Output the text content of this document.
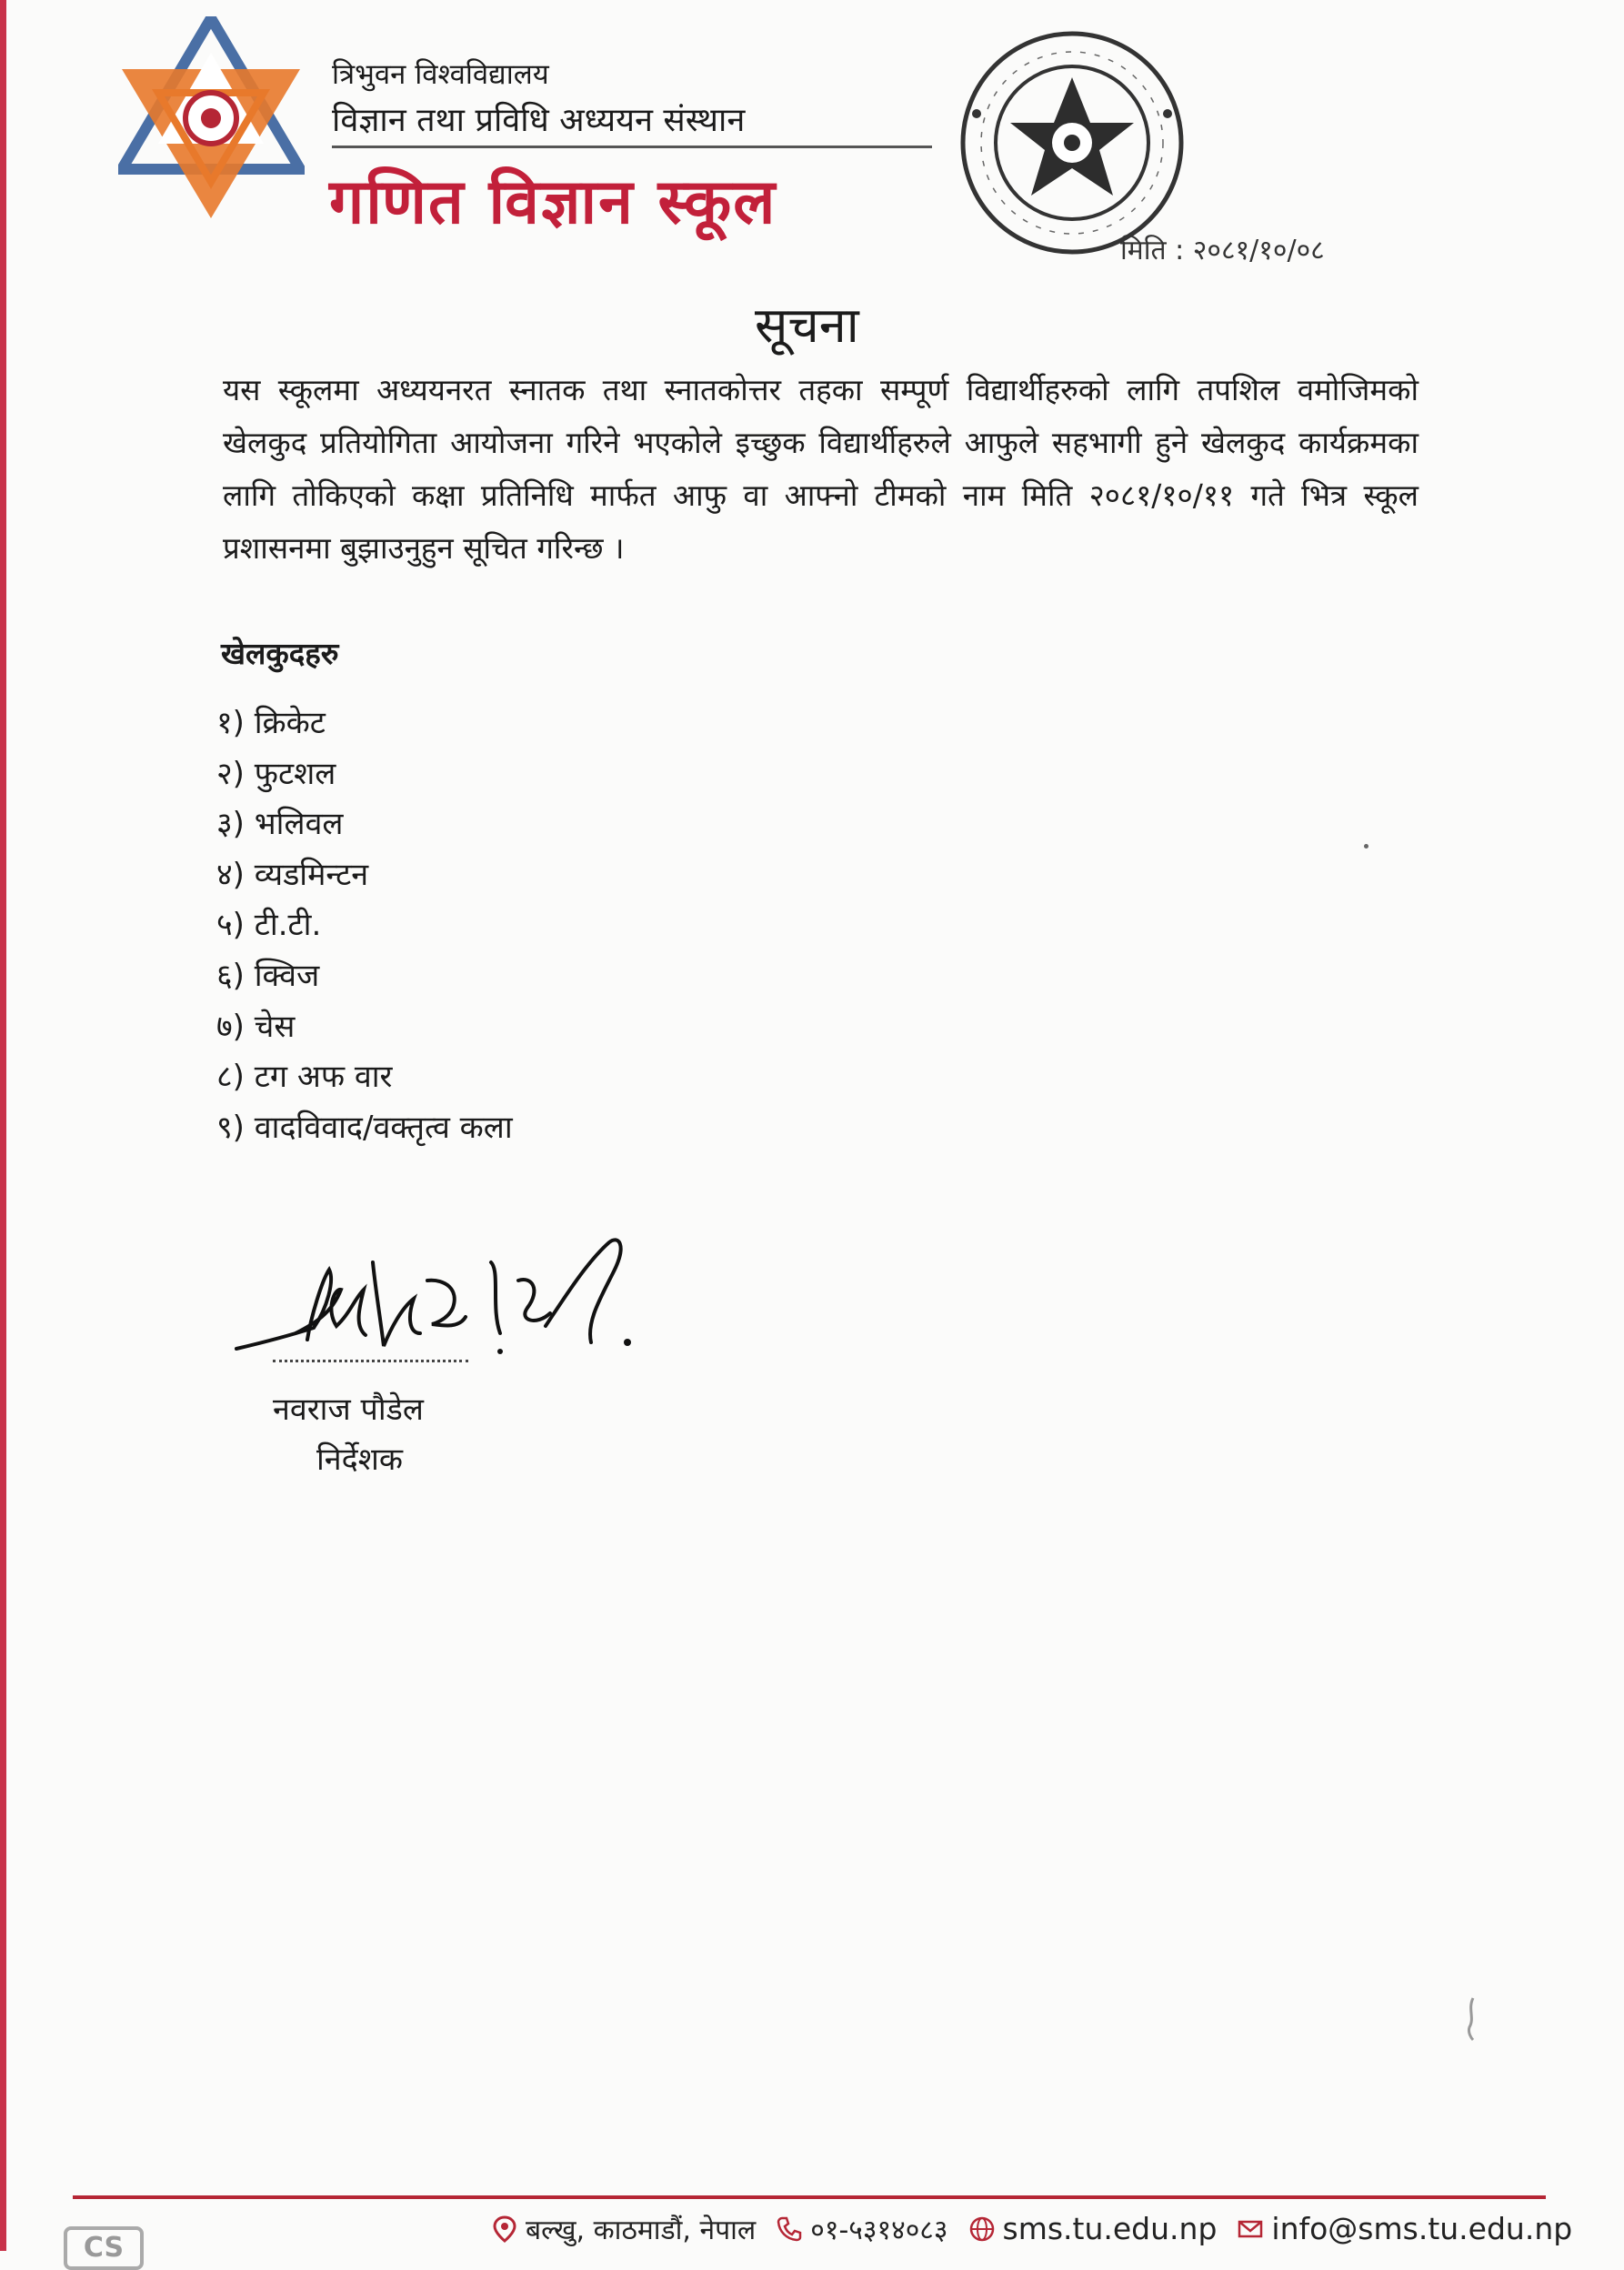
त्रिभुवन विश्वविद्यालय
विज्ञान तथा प्रविधि अध्ययन संस्थान
गणित विज्ञान स्कूल
मिति : २०८१/१०/०८
सूचना
यस स्कूलमा अध्ययनरत स्नातक तथा स्नातकोत्तर तहका सम्पूर्ण विद्यार्थीहरुको लागि तपशिल वमोजिमको खेलकुद प्रतियोगिता आयोजना गरिने भएकोले इच्छुक विद्यार्थीहरुले आफुले सहभागी हुने खेलकुद कार्यक्रमका लागि तोकिएको कक्षा प्रतिनिधि मार्फत आफु वा आफ्नो टीमको नाम मिति २०८१/१०/११ गते भित्र स्कूल प्रशासनमा बुझाउनुहुन सूचित गरिन्छ ।
खेलकुदहरु
१) क्रिकेट
२) फुटशल
३) भलिवल
४) व्यडमिन्टन
५) टी.टी.
६) क्विज
७) चेस
८) टग अफ वार
९) वादविवाद/वक्तृत्व कला
नवराज पौडेल
निर्देशक
CS
बल्खु, काठमाडौं, नेपाल ०१-५३१४०८३ sms.tu.edu.np info@sms.tu.edu.np
